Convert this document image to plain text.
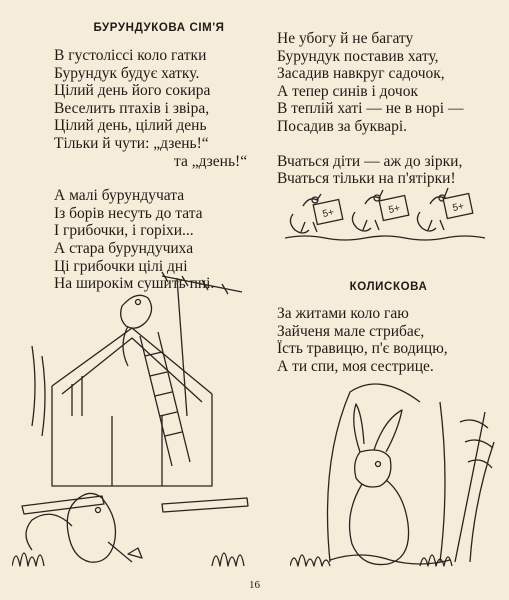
БУРУНДУКОВА СІМ'Я
В густоліссі коло гатки
Бурундук будує хатку.
Цілий день його сокира
Веселить птахів і звіра,
Цілий день, цілий день
Тільки й чути: „дзень!“
та „дзень!“
А малі бурундучата
Із борів несуть до тата
І грибочки, і горіхи...
А стара бурундучиха
Ці грибочки цілі дні
На широкім сушить пні.
Не убогу й не багату
Бурундук поставив хату,
Засадив навкруг садочок,
А тепер синів і дочок
В теплій хаті — не в норі —
Посадив за букварі.
Вчаться діти — аж до зірки,
Вчаться тільки на п'ятірки!
КОЛИСКОВА
За житами коло гаю
Зайченя мале стрибає,
Їсть травицю, п'є водицю,
А ти спи, моя сестрице.
5+	5+	5+
16
